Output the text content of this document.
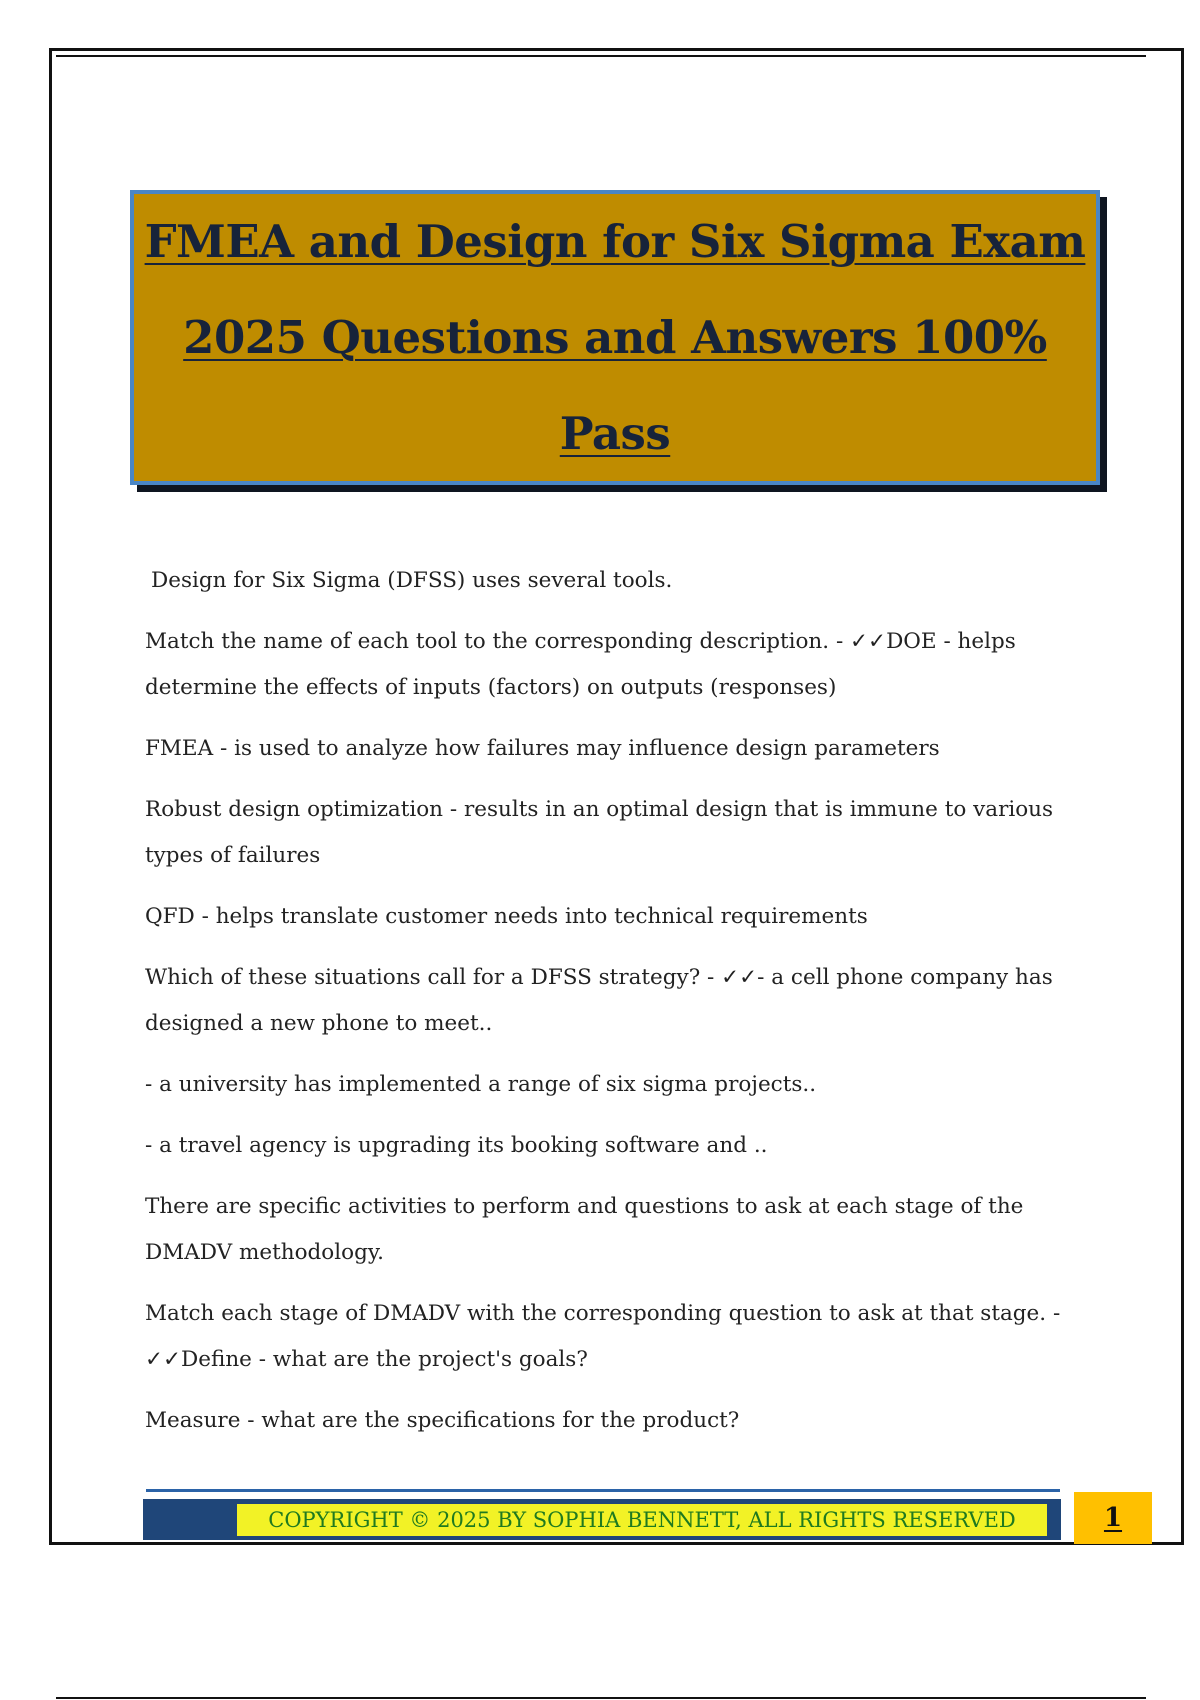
FMEA and Design for Six Sigma Exam
2025 Questions and Answers 100%
Pass

Design for Six Sigma (DFSS) uses several tools.

Match the name of each tool to the corresponding description. - ✓✓DOE - helps determine the effects of inputs (factors) on outputs (responses)

FMEA - is used to analyze how failures may influence design parameters

Robust design optimization - results in an optimal design that is immune to various types of failures

QFD - helps translate customer needs into technical requirements

Which of these situations call for a DFSS strategy? - ✓✓- a cell phone company has designed a new phone to meet..

- a university has implemented a range of six sigma projects..

- a travel agency is upgrading its booking software and ..

There are specific activities to perform and questions to ask at each stage of the DMADV methodology.

Match each stage of DMADV with the corresponding question to ask at that stage. - ✓✓Define - what are the project's goals?

Measure - what are the specifications for the product?

COPYRIGHT © 2025 BY SOPHIA BENNETT, ALL RIGHTS RESERVED	1
